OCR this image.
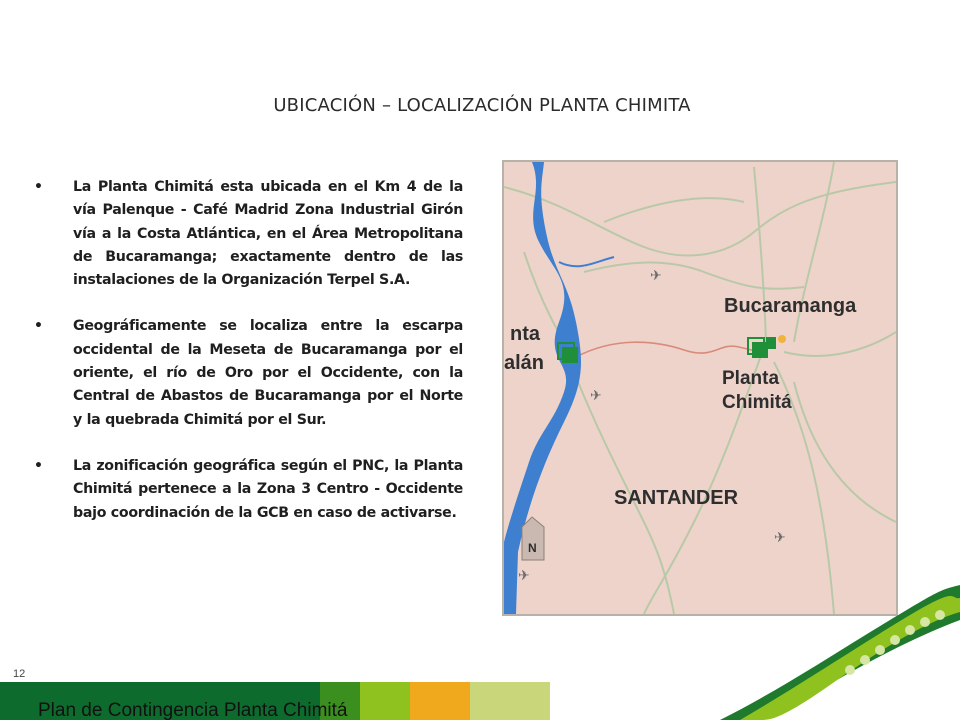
UBICACIÓN – LOCALIZACIÓN PLANTA CHIMITA
• La Planta Chimitá esta ubicada en el Km 4 de la vía Palenque - Café Madrid Zona Industrial Girón vía a la Costa Atlántica, en el Área Metropolitana de Bucaramanga; exactamente dentro de las instalaciones de la Organización Terpel S.A.
• Geográficamente se localiza entre la escarpa occidental de la Meseta de Bucaramanga por el oriente, el río de Oro por el Occidente, con la Central de Abastos de Bucaramanga por el Norte y la quebrada Chimitá por el Sur.
• La zonificación geográfica según el PNC, la Planta Chimitá pertenece a la Zona 3 Centro - Occidente bajo coordinación de la GCB en caso de activarse.
✈
✈
✈
✈
N
Bucaramanga
Planta
Chimitá
SANTANDER
nta
alán
12
Plan de Contingencia Planta Chimitá
